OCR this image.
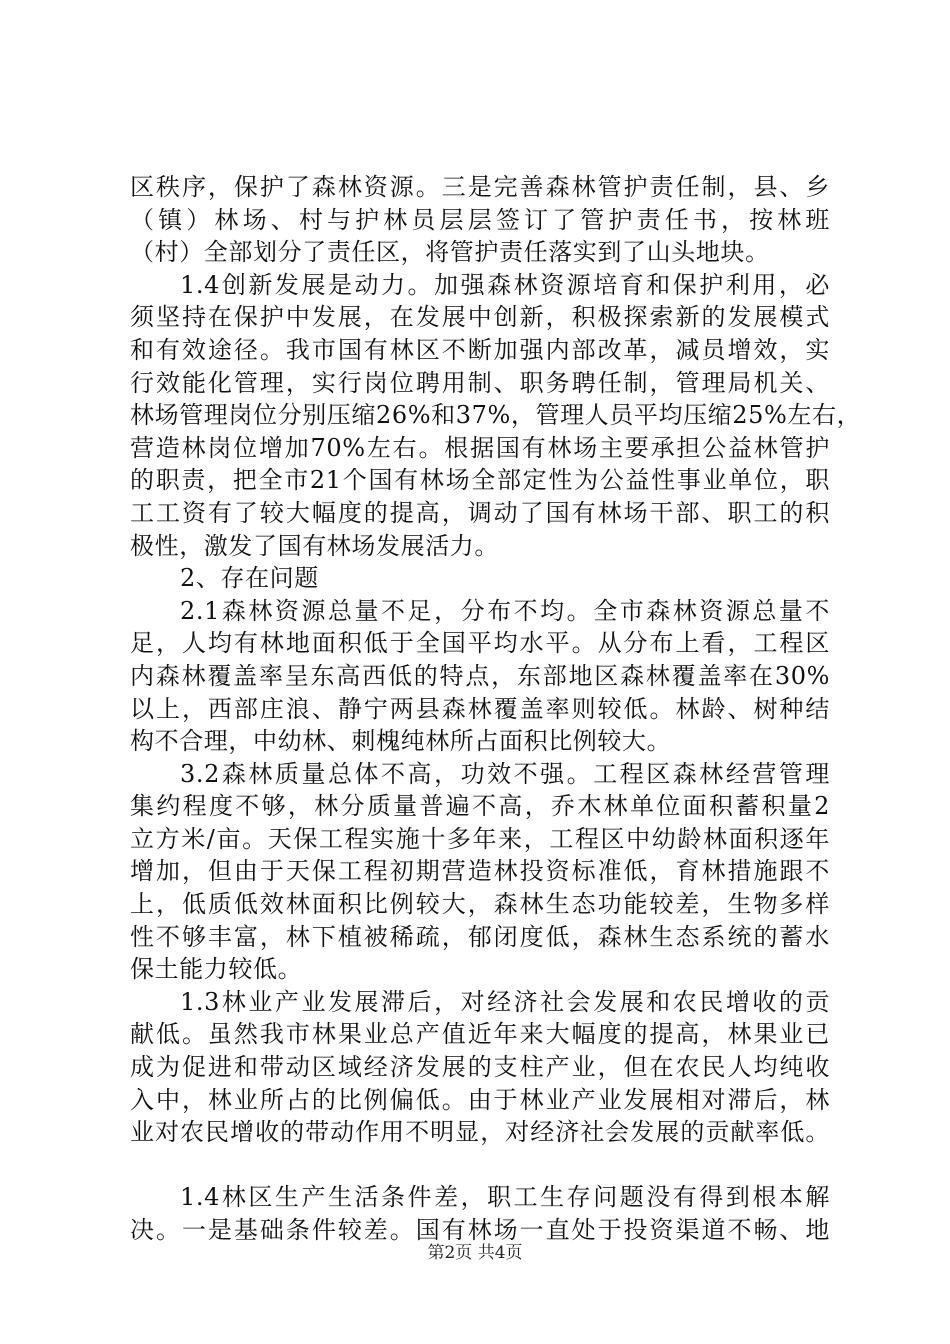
区秩序，保护了森林资源。三是完善森林管护责任制，县、乡
（镇）林场、村与护林员层层签订了管护责任书，按林班
（村）全部划分了责任区，将管护责任落实到了山头地块。
1.4创新发展是动力。加强森林资源培育和保护利用，必
须坚持在保护中发展，在发展中创新，积极探索新的发展模式
和有效途径。我市国有林区不断加强内部改革，减员增效，实
行效能化管理，实行岗位聘用制、职务聘任制，管理局机关、
林场管理岗位分别压缩26%和37%，管理人员平均压缩25%左右，
营造林岗位增加70%左右。根据国有林场主要承担公益林管护
的职责，把全市21个国有林场全部定性为公益性事业单位，职
工工资有了较大幅度的提高，调动了国有林场干部、职工的积
极性，激发了国有林场发展活力。
2、存在问题
2.1森林资源总量不足，分布不均。全市森林资源总量不
足，人均有林地面积低于全国平均水平。从分布上看，工程区
内森林覆盖率呈东高西低的特点，东部地区森林覆盖率在30%
以上，西部庄浪、静宁两县森林覆盖率则较低。林龄、树种结
构不合理，中幼林、刺槐纯林所占面积比例较大。
3.2森林质量总体不高，功效不强。工程区森林经营管理
集约程度不够，林分质量普遍不高，乔木林单位面积蓄积量2
立方米/亩。天保工程实施十多年来，工程区中幼龄林面积逐年
增加，但由于天保工程初期营造林投资标准低，育林措施跟不
上，低质低效林面积比例较大，森林生态功能较差，生物多样
性不够丰富，林下植被稀疏，郁闭度低，森林生态系统的蓄水
保土能力较低。
1.3林业产业发展滞后，对经济社会发展和农民增收的贡
献低。虽然我市林果业总产值近年来大幅度的提高，林果业已
成为促进和带动区域经济发展的支柱产业，但在农民人均纯收
入中，林业所占的比例偏低。由于林业产业发展相对滞后，林
业对农民增收的带动作用不明显，对经济社会发展的贡献率低。
1.4林区生产生活条件差，职工生存问题没有得到根本解
决。一是基础条件较差。国有林场一直处于投资渠道不畅、地
第2页 共4页
